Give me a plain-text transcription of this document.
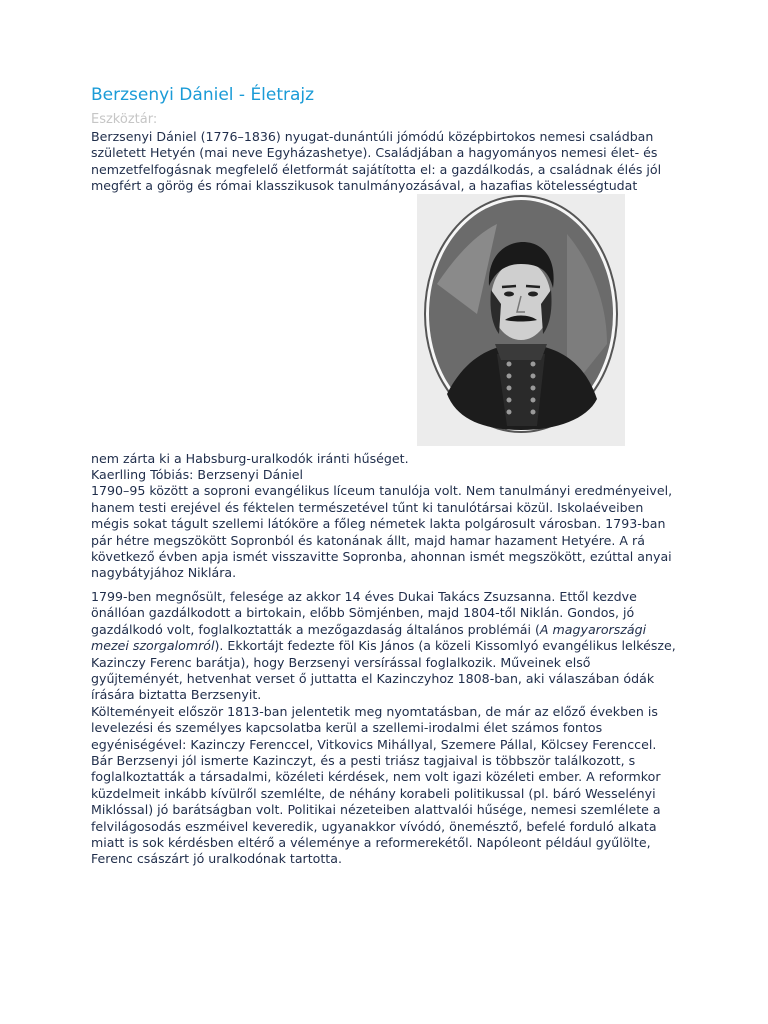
Berzsenyi Dániel - Életrajz
Eszköztár:

Berzsenyi Dániel (1776–1836) nyugat-dunántúli jómódú középbirtokos nemesi családban született Hetyén (mai neve Egyházashetye). Családjában a hagyományos nemesi élet- és nemzetfelfogásnak megfelelő életformát sajátította el: a gazdálkodás, a családnak élés jól megfért a görög és római klasszikusok tanulmányozásával, a hazafias kötelességtudat

nem zárta ki a Habsburg-uralkodók iránti hűséget.

Kaerlling Tóbiás: Berzsenyi Dániel

1790–95 között a soproni evangélikus líceum tanulója volt. Nem tanulmányi eredményeivel, hanem testi erejével és féktelen természetével tűnt ki tanulótársai közül. Iskolaéveiben mégis sokat tágult szellemi látóköre a főleg németek lakta polgárosult városban. 1793-ban pár hétre megszökött Sopronból és katonának állt, majd hamar hazament Hetyére. A rá következő évben apja ismét visszavitte Sopronba, ahonnan ismét megszökött, ezúttal anyai nagybátyjához Niklára.

1799-ben megnősült, felesége az akkor 14 éves Dukai Takács Zsuzsanna. Ettől kezdve önállóan gazdálkodott a birtokain, előbb Sömjénben, majd 1804-től Niklán. Gondos, jó gazdálkodó volt, foglalkoztatták a mezőgazdaság általános problémái (A magyarországi mezei szorgalomról). Ekkortájt fedezte föl Kis János (a közeli Kissomlyó evangélikus lelkésze, Kazinczy Ferenc barátja), hogy Berzsenyi versírással foglalkozik. Műveinek első gyűjteményét, hetvenhat verset ő juttatta el Kazinczyhoz 1808-ban, aki válaszában ódák írására biztatta Berzsenyit.

Költeményeit először 1813-ban jelentetik meg nyomtatásban, de már az előző években is levelezési és személyes kapcsolatba kerül a szellemi-irodalmi élet számos fontos egyéniségével: Kazinczy Ferenccel, Vitkovics Mihállyal, Szemere Pállal, Kölcsey Ferenccel. Bár Berzsenyi jól ismerte Kazinczyt, és a pesti triász tagjaival is többször találkozott, s foglalkoztatták a társadalmi, közéleti kérdések, nem volt igazi közéleti ember. A reformkor küzdelmeit inkább kívülről szemlélte, de néhány korabeli politikussal (pl. báró Wesselényi Miklóssal) jó barátságban volt. Politikai nézeteiben alattvalói hűsége, nemesi szemlélete a felvilágosodás eszméivel keveredik, ugyanakkor vívódó, önemésztő, befelé forduló alkata miatt is sok kérdésben eltérő a véleménye a reformerekétől. Napóleont például gyűlölte, Ferenc császárt jó uralkodónak tartotta.
